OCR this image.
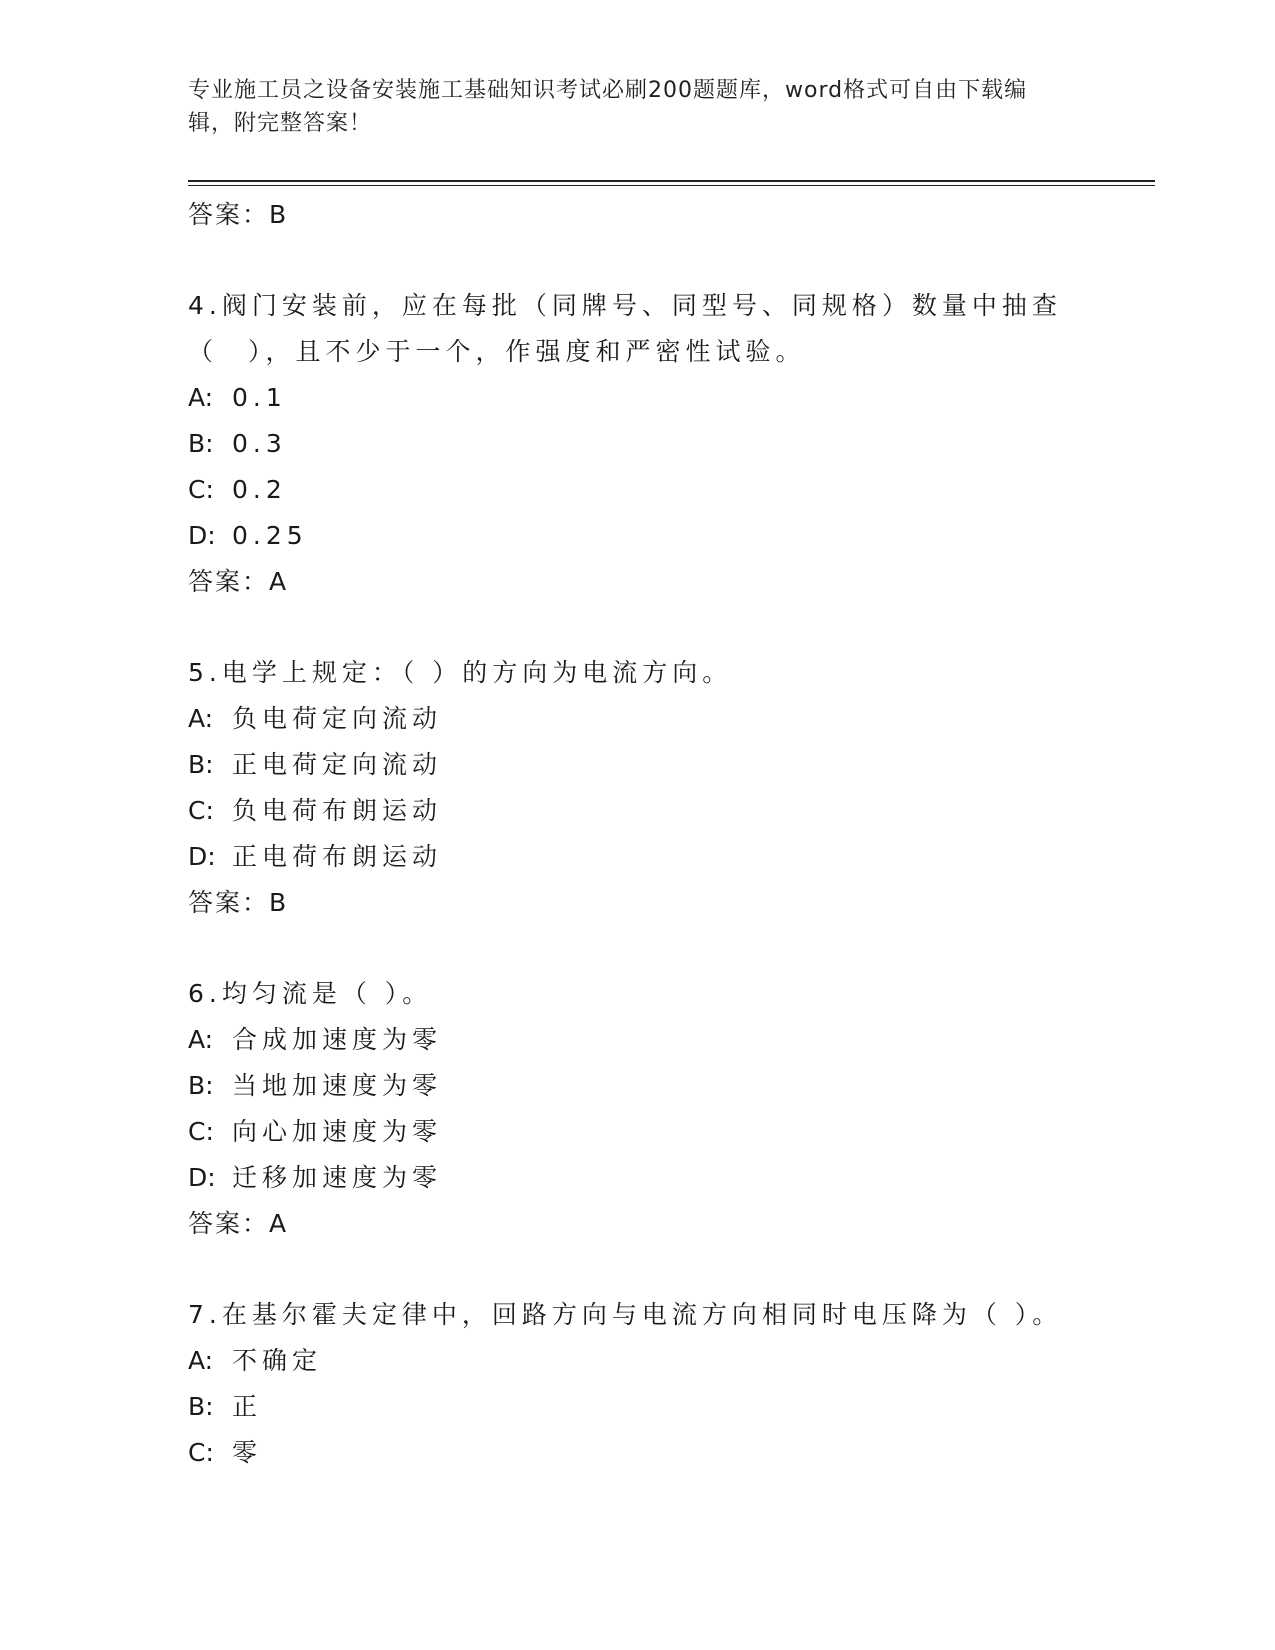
专业施工员之设备安装施工基础知识考试必刷200题题库，word格式可自由下载编辑，附完整答案！

答案：B

4.阀门安装前，应在每批（同牌号、同型号、同规格）数量中抽查（　），且不少于一个，作强度和严密性试验。

A: 0.1

B: 0.3

C: 0.2

D: 0.25

答案：A

5.电学上规定：（ ）的方向为电流方向。

A: 负电荷定向流动

B: 正电荷定向流动

C: 负电荷布朗运动

D: 正电荷布朗运动

答案：B

6.均匀流是（ ）。

A: 合成加速度为零

B: 当地加速度为零

C: 向心加速度为零

D: 迁移加速度为零

答案：A

7.在基尔霍夫定律中，回路方向与电流方向相同时电压降为（ ）。

A: 不确定

B: 正

C: 零
